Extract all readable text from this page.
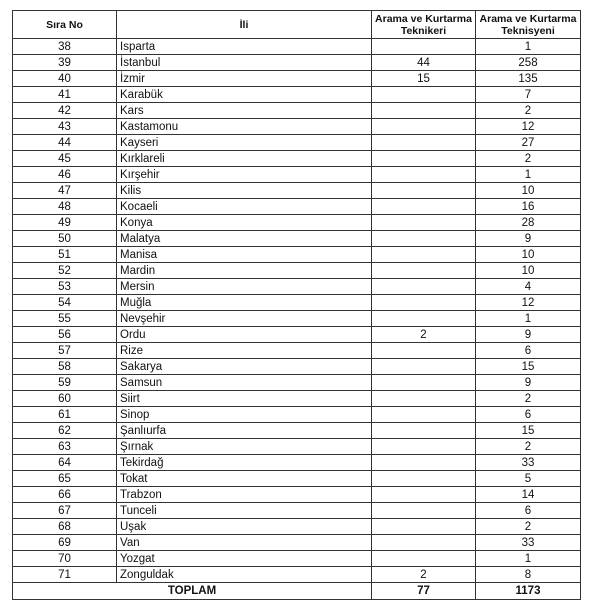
Sıra No	İli	Arama ve Kurtarma Teknikeri	Arama ve Kurtarma Teknisyeni
38	Isparta		1
39	İstanbul	44	258
40	İzmir	15	135
41	Karabük		7
42	Kars		2
43	Kastamonu		12
44	Kayseri		27
45	Kırklareli		2
46	Kırşehir		1
47	Kilis		10
48	Kocaeli		16
49	Konya		28
50	Malatya		9
51	Manisa		10
52	Mardin		10
53	Mersin		4
54	Muğla		12
55	Nevşehir		1
56	Ordu	2	9
57	Rize		6
58	Sakarya		15
59	Samsun		9
60	Siirt		2
61	Sinop		6
62	Şanlıurfa		15
63	Şırnak		2
64	Tekirdağ		33
65	Tokat		5
66	Trabzon		14
67	Tunceli		6
68	Uşak		2
69	Van		33
70	Yozgat		1
71	Zonguldak	2	8
TOPLAM		77	1173
